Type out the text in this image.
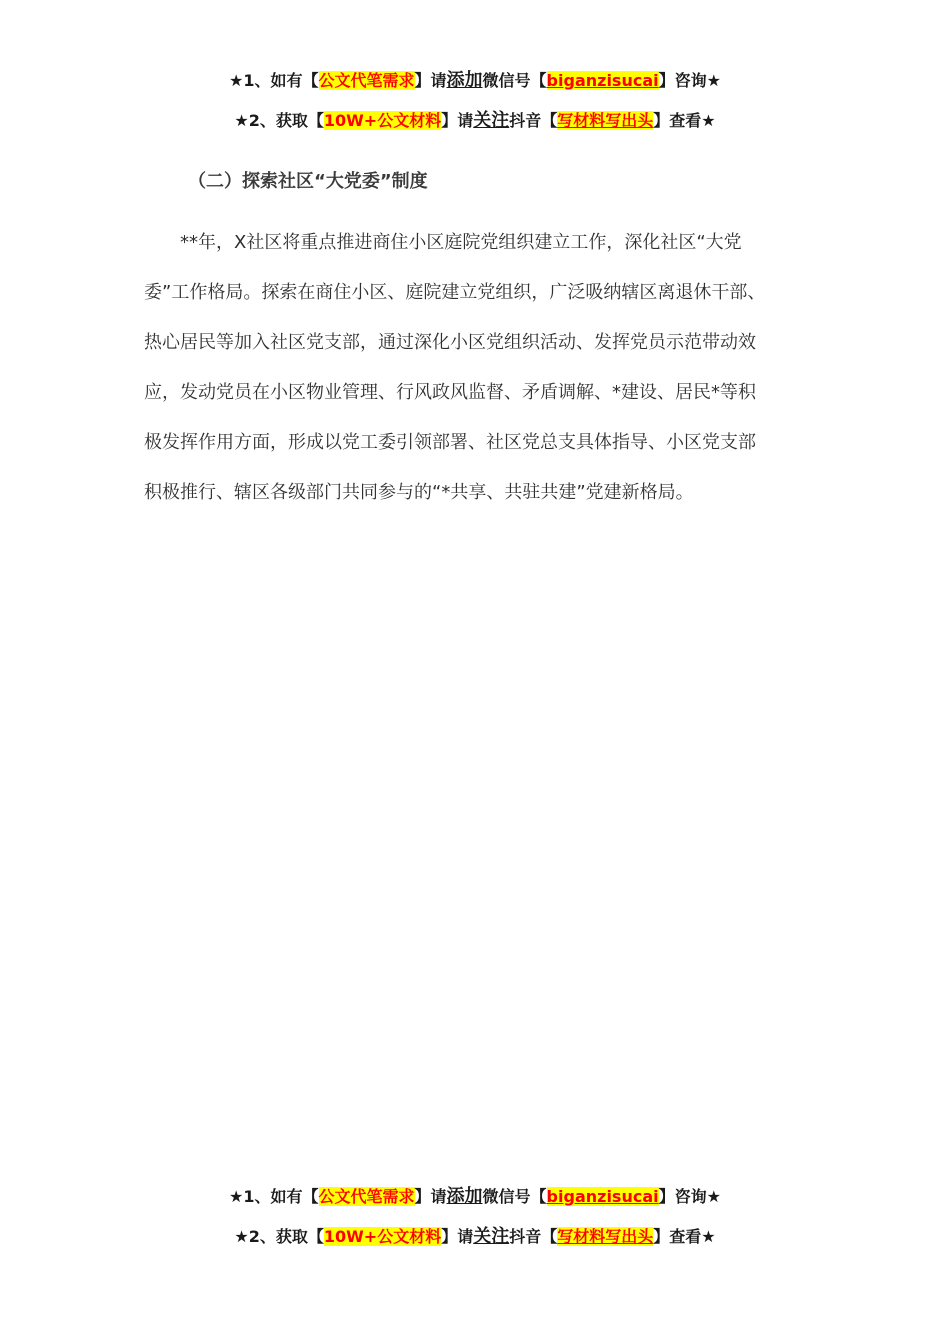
★1、如有【公文代笔需求】请添加微信号【biganzisucai】咨询★
★2、获取【10W+公文材料】请关注抖音【写材料写出头】查看★
（二）探索社区“大党委”制度
　　**年，X社区将重点推进商住小区庭院党组织建立工作，深化社区“大党
委”工作格局。探索在商住小区、庭院建立党组织，广泛吸纳辖区离退休干部、
热心居民等加入社区党支部，通过深化小区党组织活动、发挥党员示范带动效
应，发动党员在小区物业管理、行风政风监督、矛盾调解、*建设、居民*等积
极发挥作用方面，形成以党工委引领部署、社区党总支具体指导、小区党支部
积极推行、辖区各级部门共同参与的“*共享、共驻共建”党建新格局。
★1、如有【公文代笔需求】请添加微信号【biganzisucai】咨询★
★2、获取【10W+公文材料】请关注抖音【写材料写出头】查看★
